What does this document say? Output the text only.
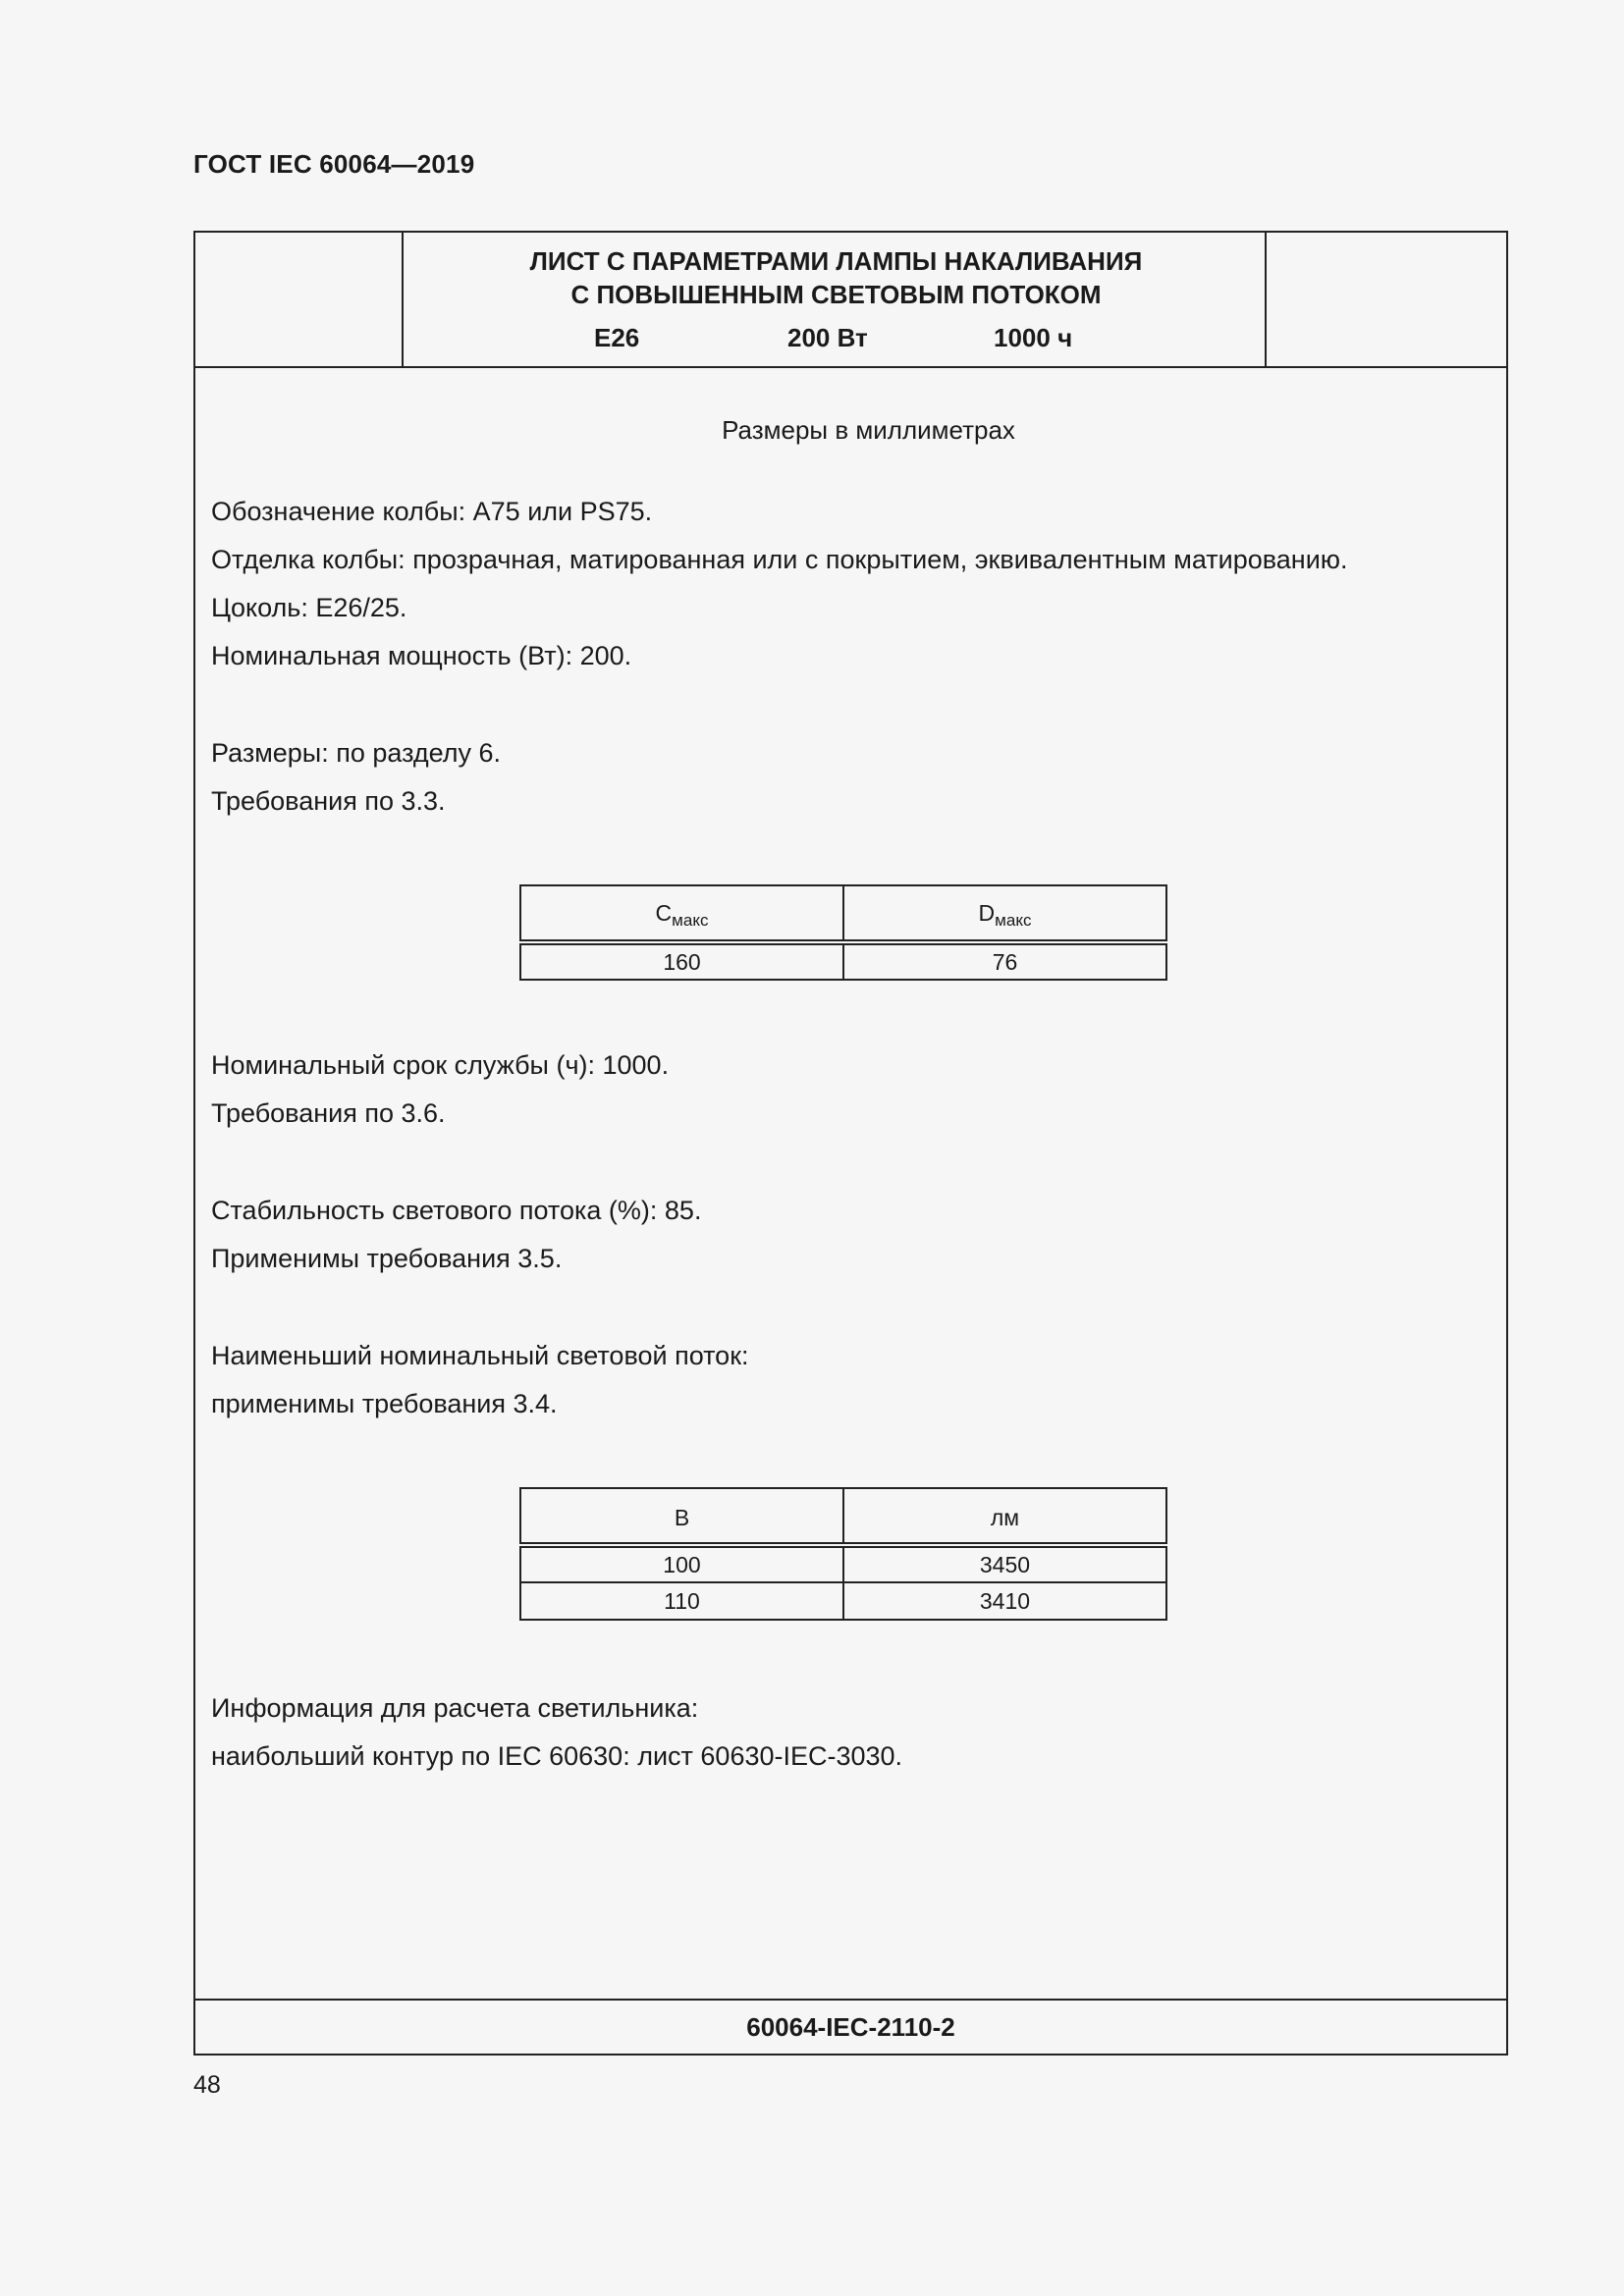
ГОСТ IEC 60064—2019
ЛИСТ С ПАРАМЕТРАМИ ЛАМПЫ НАКАЛИВАНИЯ
С ПОВЫШЕННЫМ СВЕТОВЫМ ПОТОКОМ
E26	200 Вт	1000 ч
Размеры в миллиметрах
Обозначение колбы: A75 или PS75.
Отделка колбы: прозрачная, матированная или с покрытием, эквивалентным матированию.
Цоколь: E26/25.
Номинальная мощность (Вт): 200.
Размеры: по разделу 6.
Требования по 3.3.
$C_{макс}$	$D_{макс}$
160	76
Номинальный срок службы (ч): 1000.
Требования по 3.6.
Стабильность светового потока (%): 85.
Применимы требования 3.5.
Наименьший номинальный световой поток:
применимы требования 3.4.
В	лм
100	3450
110	3410
Информация для расчета светильника:
наибольший контур по IEC 60630: лист 60630-IEC-3030.
60064-IEC-2110-2
48
